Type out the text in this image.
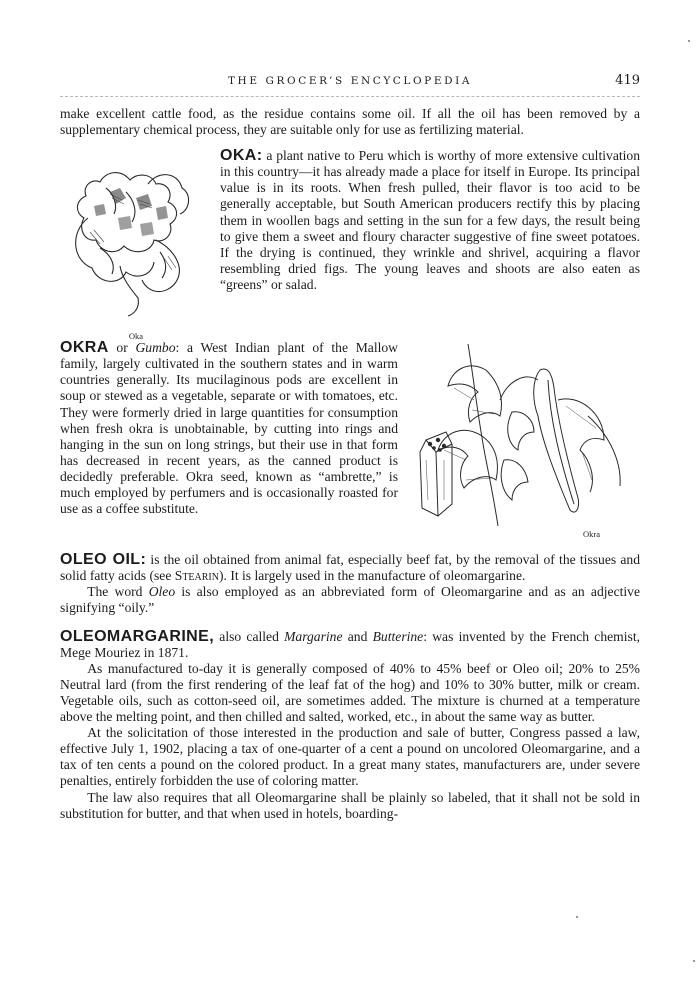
THE GROCER’S ENCYCLOPEDIA	419

make excellent cattle food, as the residue contains some oil. If all the oil has been removed by a supplementary chemical process, they are suitable only for use as fertilizing material.

Oka

OKA: a plant native to Peru which is worthy of more extensive cultivation in this country—it has already made a place for itself in Europe. Its principal value is in its roots. When fresh pulled, their flavor is too acid to be generally acceptable, but South American producers rectify this by placing them in woollen bags and setting in the sun for a few days, the result being to give them a sweet and floury character suggestive of fine sweet potatoes. If the drying is continued, they wrinkle and shrivel, acquiring a flavor resembling dried figs. The young leaves and shoots are also eaten as “greens” or salad.

Okra

OKRA or Gumbo: a West Indian plant of the Mallow family, largely cultivated in the southern states and in warm countries generally. Its mucilaginous pods are excellent in soup or stewed as a vegetable, separate or with tomatoes, etc. They were formerly dried in large quantities for consumption when fresh okra is unobtainable, by cutting into rings and hanging in the sun on long strings, but their use in that form has decreased in recent years, as the canned product is decidedly preferable. Okra seed, known as “ambrette,” is much employed by perfumers and is occasionally roasted for use as a coffee substitute.

OLEO OIL: is the oil obtained from animal fat, especially beef fat, by the removal of the tissues and solid fatty acids (see Stearin). It is largely used in the manufacture of oleomargarine.

The word Oleo is also employed as an abbreviated form of Oleomargarine and as an adjective signifying “oily.”

OLEOMARGARINE, also called Margarine and Butterine: was invented by the French chemist, Mege Mouriez in 1871.

As manufactured to-day it is generally composed of 40% to 45% beef or Oleo oil; 20% to 25% Neutral lard (from the first rendering of the leaf fat of the hog) and 10% to 30% butter, milk or cream. Vegetable oils, such as cotton-seed oil, are sometimes added. The mixture is churned at a temperature above the melting point, and then chilled and salted, worked, etc., in about the same way as butter.

At the solicitation of those interested in the production and sale of butter, Congress passed a law, effective July 1, 1902, placing a tax of one-quarter of a cent a pound on uncolored Oleomargarine, and a tax of ten cents a pound on the colored product. In a great many states, manufacturers are, under severe penalties, entirely forbidden the use of coloring matter.

The law also requires that all Oleomargarine shall be plainly so labeled, that it shall not be sold in substitution for butter, and that when used in hotels, boarding-
